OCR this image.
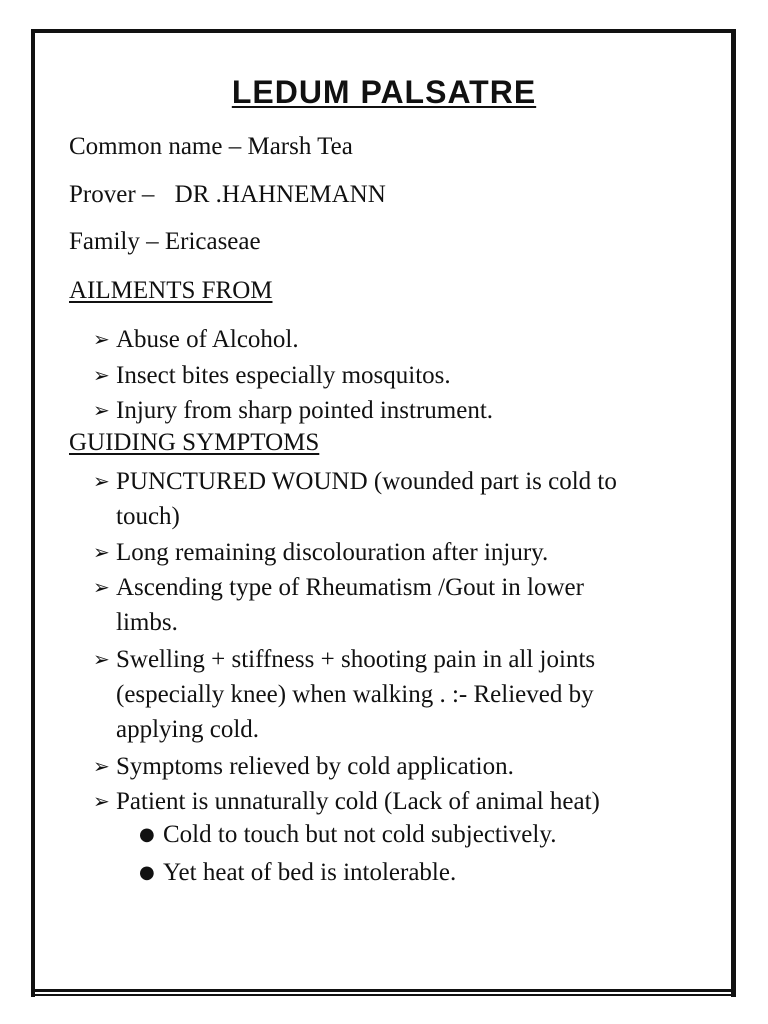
LEDUM PALSATRE
Common name – Marsh Tea
Prover – DR .HAHNEMANN
Family – Ericaseae
AILMENTS FROM
➢ Abuse of Alcohol.
➢ Insect bites especially mosquitos.
➢ Injury from sharp pointed instrument.
GUIDING SYMPTOMS
➢ PUNCTURED WOUND (wounded part is cold to
touch)
➢ Long remaining discolouration after injury.
➢ Ascending type of Rheumatism /Gout in lower
limbs.
➢ Swelling + stiffness + shooting pain in all joints
(especially knee) when walking . :- Relieved by
applying cold.
➢ Symptoms relieved by cold application.
➢ Patient is unnaturally cold (Lack of animal heat)
● Cold to touch but not cold subjectively.
● Yet heat of bed is intolerable.
